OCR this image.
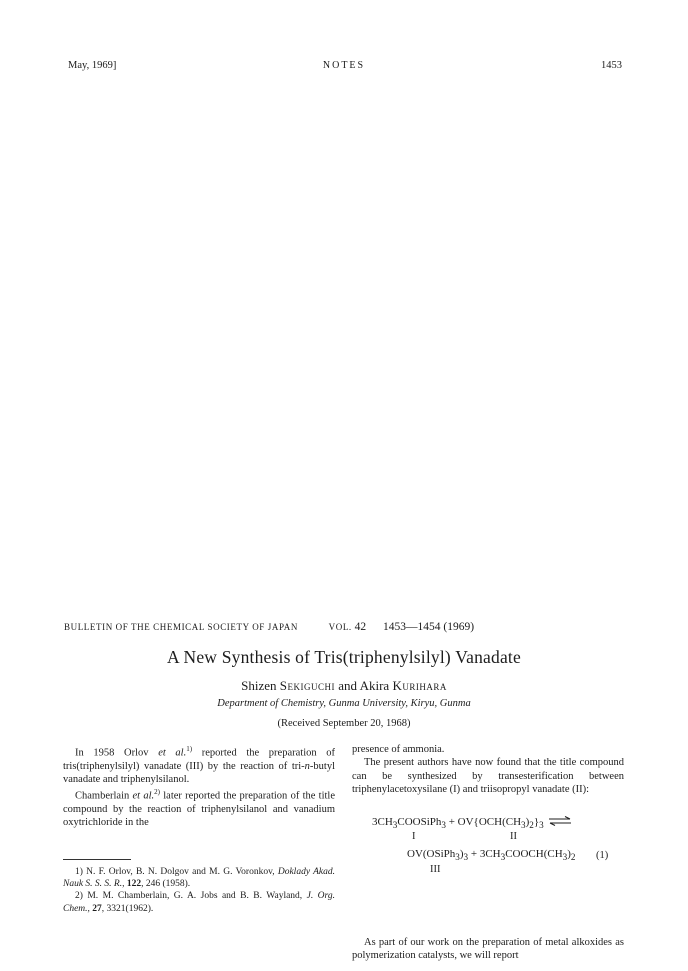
May, 1969]	NOTES	1453
BULLETIN OF THE CHEMICAL SOCIETY OF JAPAN	VOL. 42 1453—1454 (1969)
A New Synthesis of Tris(triphenylsilyl) Vanadate
Shizen Sekiguchi and Akira Kurihara
Department of Chemistry, Gunma University, Kiryu, Gunma
(Received September 20, 1968)

In 1958 Orlov et al.$^{1)}$ reported the preparation of tris(triphenylsilyl) vanadate (III) by the reaction of tri-n-butyl vanadate and triphenylsilanol.

Chamberlain et al.$^{2)}$ later reported the preparation of the title compound by the reaction of triphenylsilanol and vanadium oxytrichloride in the

1) N. F. Orlov, B. N. Dolgov and M. G. Voronkov, Doklady Akad. Nauk S. S. S. R., 122, 246 (1958).

2) M. M. Chamberlain, G. A. Jobs and B. B. Wayland, J. Org. Chem., 27, 3321(1962).

presence of ammonia.

The present authors have now found that the title compound can be synthesized by transesterification between triphenylacetoxysilane (I) and triisopropyl vanadate (II):

$3CH_3COOSiPh_3 + OV\{OCH(CH_3)_2\}_3$ ⇌
I	II
$OV(OSiPh_3)_3$ + $3CH_3COOCH(CH_3)_2$ (1)
III

As part of our work on the preparation of metal alkoxides as polymerization catalysts, we will report
